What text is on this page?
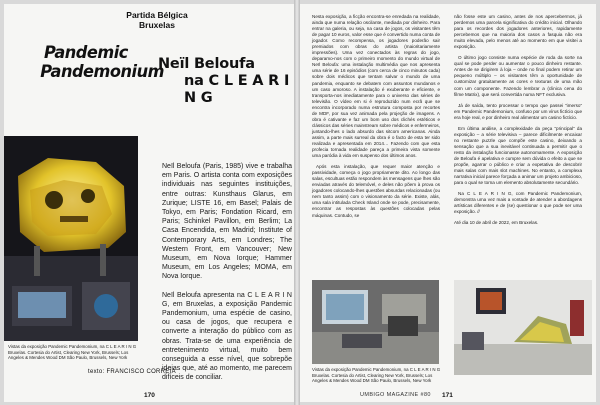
Partida Bélgica
Bruxelas
Pandemic
Pandemonium
Neïl Beloufa
na C L E A R I N G
Vistas da exposição Pandemic Pandemonium, na C L E A R I N G Bruxelas. Cortesia do Artist, Clearing New York, Brussels; Los Angeles & Mendes Wood DM São Paulo, Brussels, New York

Neïl Beloufa (Paris, 1985) vive e trabalha em Paris. O artista conta com exposições individuais nas seguintes instituições, entre outras: Kunsthaus Glarus, em Zurique; LISTE 16, em Basel; Palais de Tokyo, em Paris; Fondation Ricard, em Paris; Schinkel Pavillon, em Berlim; La Casa Encendida, em Madrid; Institute of Contemporary Arts, em Londres; The Western Front, em Vancouver; New Museum, em Nova Iorque; Hammer Museum, em Los Angeles; MOMA, em Nova Iorque.

Neïl Beloufa apresenta na C L E A R I N G, em Bruxelas, a exposição Pandemic Pandemonium, uma espécie de casino, ou casa de jogos, que recupera e converte a interação do público com as obras. Trata-se de uma experiência de entretenimento virtual, muito bem conseguida a esse nível, que sobrepõe ideias que, até ao momento, me parecem difíceis de conciliar.

texto: FRANCISCO CORREIA
170

Nesta exposição, a ficção encontra-se enredada na realidade, ainda que numa relação oscilante, mediada por dinheiro. Para entrar na galeria, ou seja, na casa de jogos, os visitantes têm de pagar 10 euros, valor esse que é convertido numa conta de jogador. Como recompensa, os jogadores poderão sair premiados com obras do artista (maioritariamente impressões). Uma vez conectados às regras do jogo, deparamo-nos com o primeiro momento do mundo virtual de Neïl Beloufa: uma instalação multimédia que nos apresenta uma série de 16 episódios (com cerca de cinco minutos cada) sobre dois médicos que tentam salvar o mundo de uma pandemia, enquanto se debatem com assuntos mundanos e um caso amoroso. A instalação é exuberante e eficiente, e transporta-nos imediatamente para o universo das séries de televisão. O vídeo em si é reproduzido num ecrã que se encontra incorporado numa estrutura composta por recortes de MDF, por sua vez animada pela projeção de imagens. A obra é cativante e faz um bom uso dos clichés estéticos e clássicos das séries mainstream sobre médicos e enfermeiros, juntando-lhes o lado absurdo das sitcom americanas. Ainda assim, a parte mais surreal da obra é o facto de esta ter sido realizada e apresentada em 2014… Fazendo com que esta profecia tornada realidade pareça a primeira vista somente uma paródia à vida em suspenso dos últimos anos.

Após esta instalação, que requer maior atenção e passividade, começa o jogo propriamente dito. Ao longo das salas, escultuas estão respondem às mensagens que lhes são enviadas através do telemóvel, e deles não põem à prova os jogadores colocando-lhes questões absurdas relacionadas (ou nem tanto assim) com o visionamento da série. Existe, alás, uma sala intitulada Check Island onde se pode, precisamente, encontrar as respostas às questões colocadas pelas máquinas. Contudo, se

não fosse este um casino, antes de nos apercebermos, já perdemos uma parcela significativa do crédito inicial. Olhando para os recordes dos jogadores anteriores, rapidamente percebemos que na maioria dos casos a fasquia não era muito elevada, pelo menos até ao momento em que visitei a exposição.

O último jogo consiste numa espécie de roda da sorte na qual se pode perder ou aumentar o pouco dinheiro restante. Antes de se dirigirem à loja – onde no final podem retirar um pequeno múltiplo – os visitantes têm a oportunidade de customizar gratuitamente as cores e texturas de uma mão com um componente. Fazendo lembrar a (clinica cena do filme Matrix), que será convertida numa NFT exclusiva.

Já de saída, tento processar o tempo que passei “imerso” em Pandemic Pandemonium, confuso por um vírus fictício que era hoje real, e por dinheiro real alimentar um casino fictício.

Em última análise, a complexidade da peça “principal” da exposição – a série televisiva – parece dificilmente encaixar no restante puzzle que compõe este casino, deixando a sensação que a sua inevitável continuada a permitir que o resto da instalação funcionasse autonomamente. A exposição de Beloufa é apelativa e cumpre sem dúvida o efeito a que se propõe, agarrar o público e criar a expetativa de descobrir mais salas com mais slot machines. No entanto, a complexa narrativa inicial parece forçada a animar um projeto ambicioso, para o qual se torna um elemento absolutamente secundário.

Na C L E A R I N G, com Pandemic Pandemonium, demonstra uma vez mais a vontade de atender a abordagens artísticas diferentes e de (se) questionar o que pode ser uma exposição. //

Até dia 10 de abril de 2022, em Bruxelas.
Vistas da exposição Pandemic Pandemonium, na C L E A R I N G Bruxelas. Cortesia do Artist, Clearing New York, Brussels; Los Angeles & Mendes Wood DM São Paulo, Brussels, New York
UMBIGO MAGAZINE #80 171
